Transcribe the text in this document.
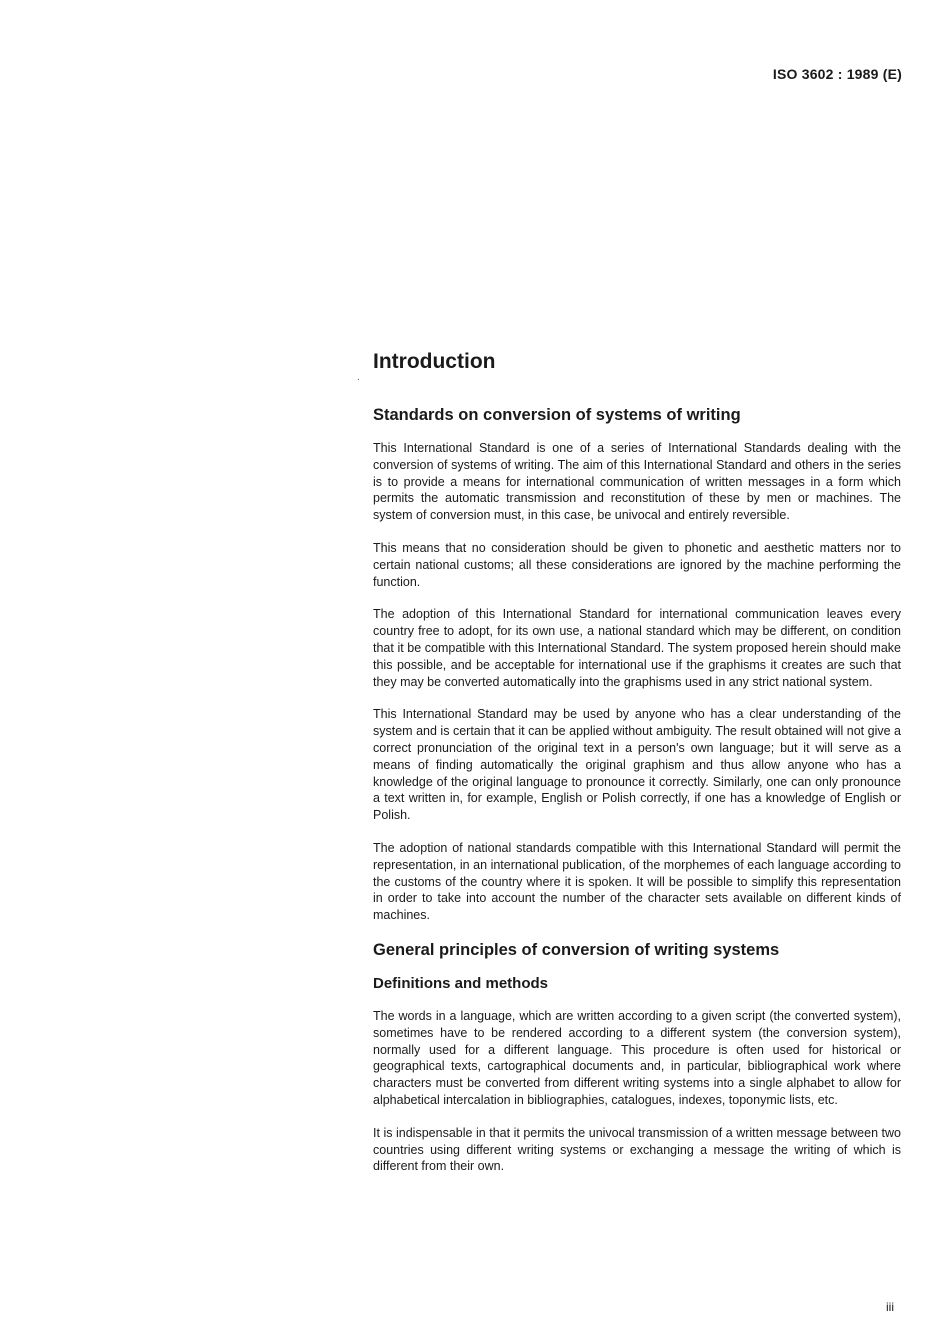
ISO 3602 : 1989 (E)
.
Introduction
Standards on conversion of systems of writing

This International Standard is one of a series of International Standards dealing with the conversion of systems of writing. The aim of this International Standard and others in the series is to provide a means for international communication of written messages in a form which permits the automatic transmission and reconstitution of these by men or machines. The system of conversion must, in this case, be univocal and entirely reversible.

This means that no consideration should be given to phonetic and aesthetic matters nor to certain national customs; all these considerations are ignored by the machine performing the function.

The adoption of this International Standard for international communication leaves every country free to adopt, for its own use, a national standard which may be different, on condition that it be compatible with this International Standard. The system proposed herein should make this possible, and be acceptable for international use if the graphisms it creates are such that they may be converted automatically into the graphisms used in any strict national system.

This International Standard may be used by anyone who has a clear understanding of the system and is certain that it can be applied without ambiguity. The result obtained will not give a correct pronunciation of the original text in a person's own language; but it will serve as a means of finding automatically the original graphism and thus allow anyone who has a knowledge of the original language to pronounce it correctly. Similarly, one can only pronounce a text written in, for example, English or Polish correctly, if one has a knowledge of English or Polish.

The adoption of national standards compatible with this International Standard will permit the representation, in an international publication, of the morphemes of each language according to the customs of the country where it is spoken. It will be possible to simplify this representation in order to take into account the number of the character sets available on different kinds of machines.

General principles of conversion of writing systems
Definitions and methods

The words in a language, which are written according to a given script (the converted system), sometimes have to be rendered according to a different system (the conversion system), normally used for a different language. This procedure is often used for historical or geographical texts, cartographical documents and, in particular, bibliographical work where characters must be converted from different writing systems into a single alphabet to allow for alphabetical intercalation in bibliographies, catalogues, indexes, toponymic lists, etc.

It is indispensable in that it permits the univocal transmission of a written message between two countries using different writing systems or exchanging a message the writing of which is different from their own.

iii
